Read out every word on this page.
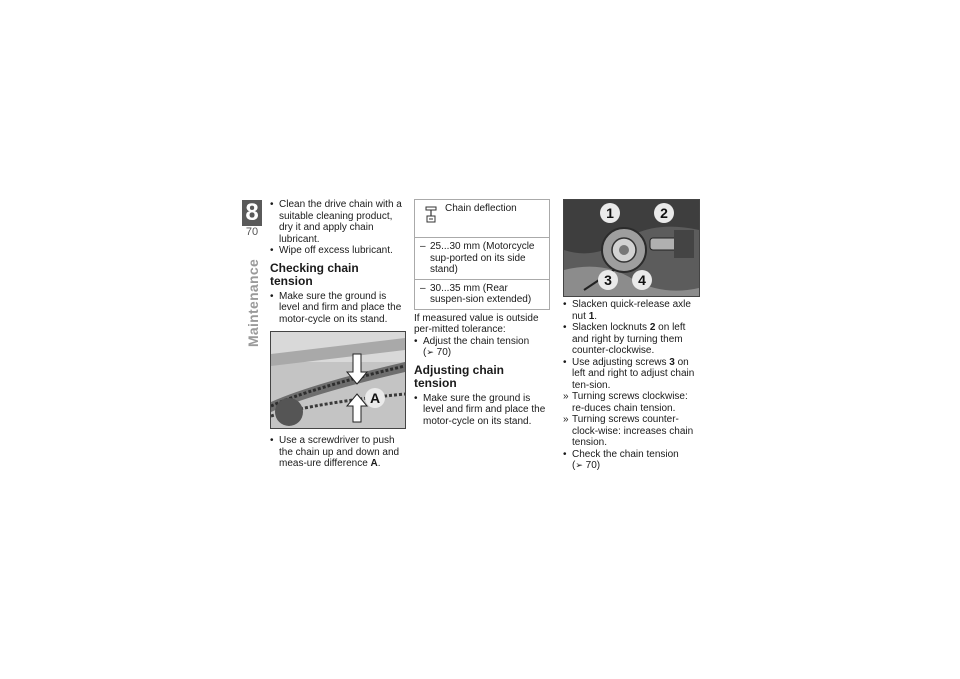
8
70
Maintenance
• Clean the drive chain with a suitable cleaning product, dry it and apply chain lubricant.
• Wipe off excess lubricant.
Checking chain tension
• Make sure the ground is level and firm and place the motor-cycle on its stand.
A
• Use a screwdriver to push the chain up and down and meas-ure difference A.
Chain deflection
– 25...30 mm (Motorcycle sup-ported on its side stand)
– 30...35 mm (Rear suspen-sion extended)
If measured value is outside per-mitted tolerance:
• Adjust the chain tension
(➢ 70)
Adjusting chain tension
• Make sure the ground is level and firm and place the motor-cycle on its stand.
1	2
3	4
• Slacken quick-release axle nut 1.
• Slacken locknuts 2 on left and right by turning them counter-clockwise.
• Use adjusting screws 3 on left and right to adjust chain ten-sion.
» Turning screws clockwise: re-duces chain tension.
» Turning screws counter-clock-wise: increases chain tension.
• Check the chain tension
(➢ 70)
